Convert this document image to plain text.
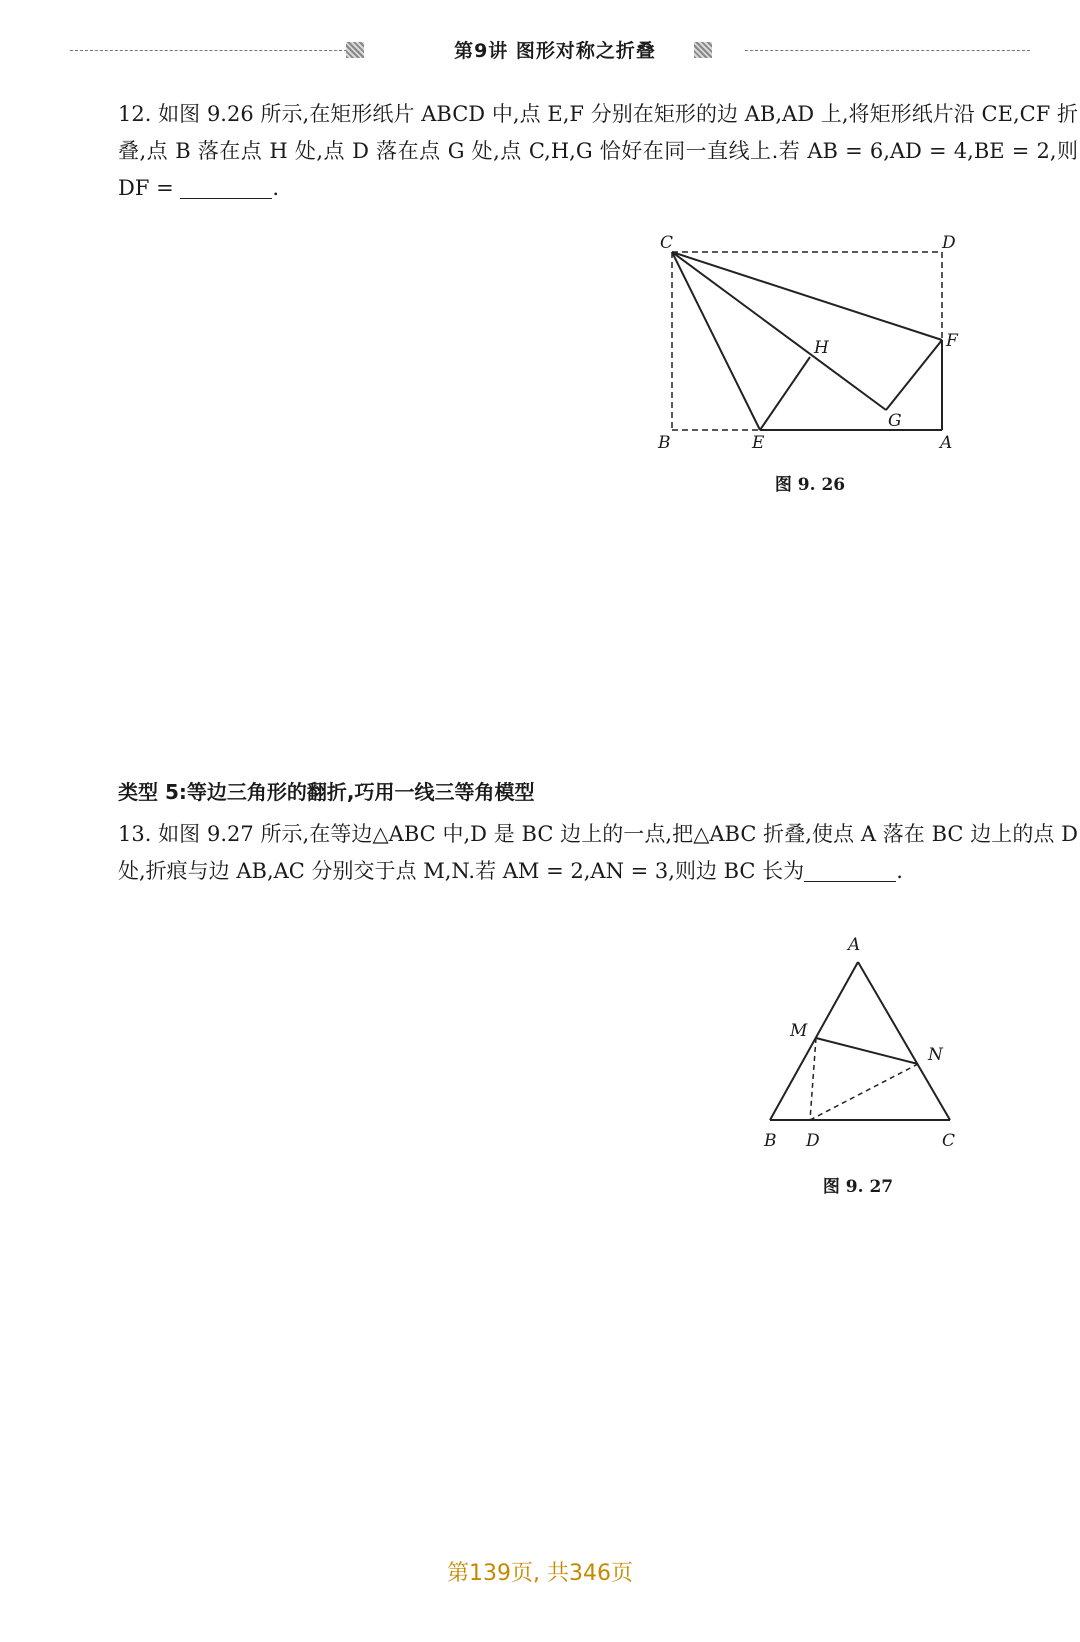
第9讲 图形对称之折叠

12. 如图 9.26 所示,在矩形纸片 ABCD 中,点 E,F 分别在矩形的边 AB,AD 上,将矩形纸片沿 CE,CF 折叠,点 B 落在点 H 处,点 D 落在点 G 处,点 C,H,G 恰好在同一直线上.若 AB = 6,AD = 4,BE = 2,则 DF =	.

C	D
H	F
G
B	E	A
图 9. 26

类型 5:等边三角形的翻折,巧用一线三等角模型

13. 如图 9.27 所示,在等边△ABC 中,D 是 BC 边上的一点,把△ABC 折叠,使点 A 落在 BC 边上的点 D 处,折痕与边 AB,AC 分别交于点 M,N.若 AM = 2,AN = 3,则边 BC 长为	.

A
M
N
B D	C
图 9. 27
第139页, 共346页
